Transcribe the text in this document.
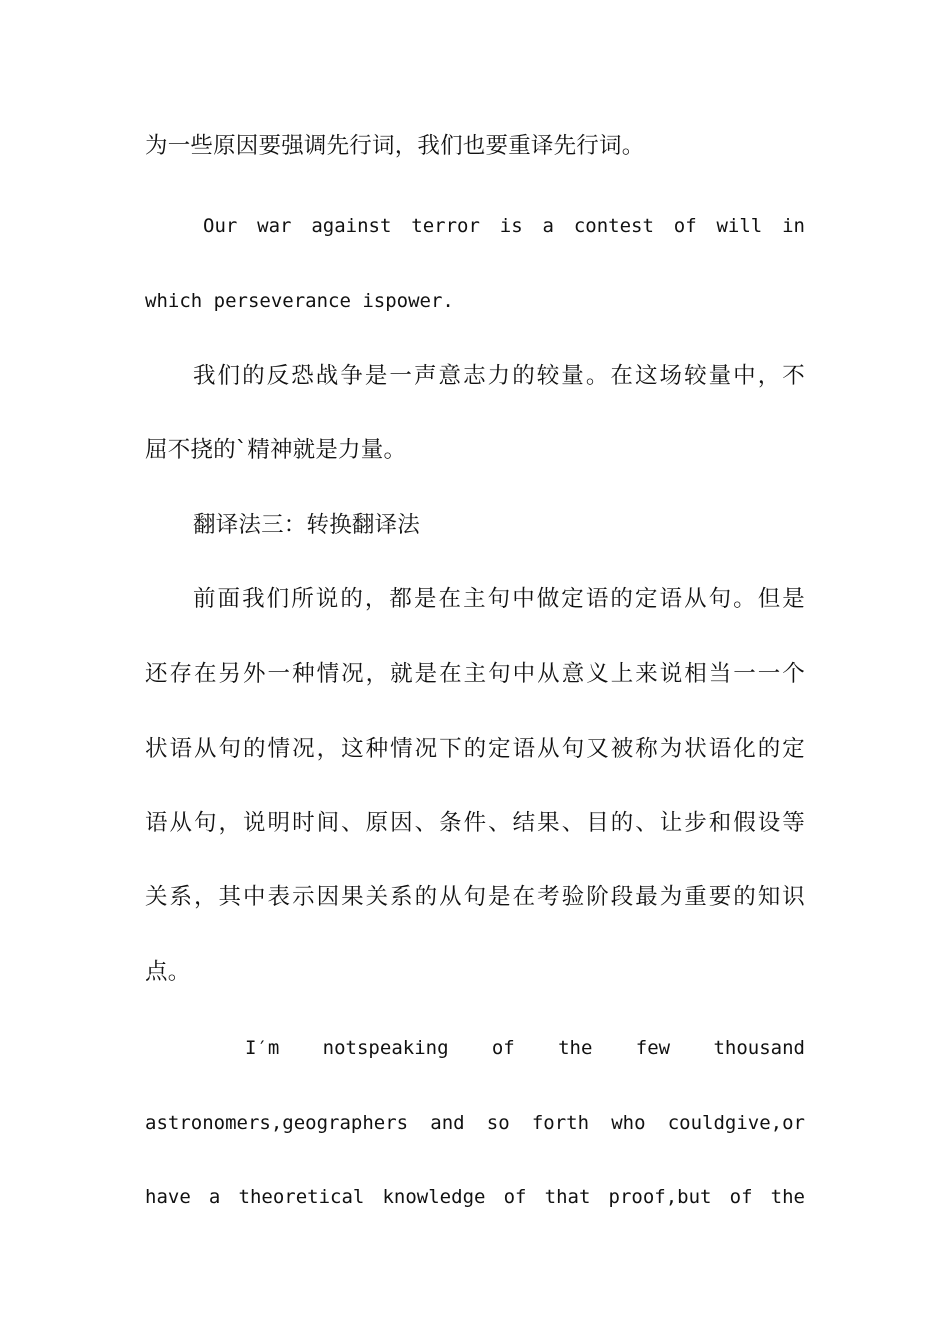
为一些原因要强调先行词，我们也要重译先行词。
Our war against terror is a contest of will in
which perseverance ispower.
我们的反恐战争是一声意志力的较量。在这场较量中，不
屈不挠的`精神就是力量。
翻译法三：转换翻译法
前面我们所说的，都是在主句中做定语的定语从句。但是
还存在另外一种情况，就是在主句中从意义上来说相当一一个
状语从句的情况，这种情况下的定语从句又被称为状语化的定
语从句，说明时间、原因、条件、结果、目的、让步和假设等
关系，其中表示因果关系的从句是在考验阶段最为重要的知识
点。
I′m notspeaking of the few thousand
astronomers,geographers and so forth who couldgive,or
have a theoretical knowledge of that proof,but of the
